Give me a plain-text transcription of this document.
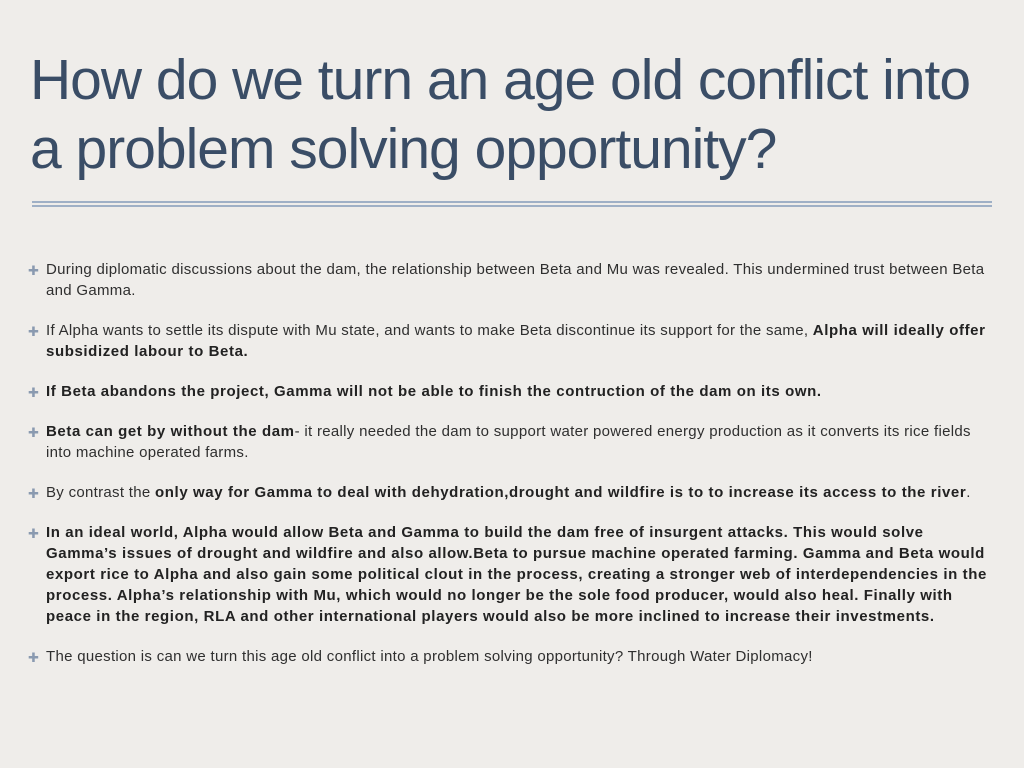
How do we turn an age old conflict into a problem solving opportunity?
✚ During diplomatic discussions about the dam, the relationship between Beta and Mu was revealed. This undermined trust between Beta and Gamma.
✚ If Alpha wants to settle its dispute with Mu state, and wants to make Beta discontinue its support for the same, Alpha will ideally offer subsidized labour to Beta.
✚ If Beta abandons the project, Gamma will not be able to finish the contruction of the dam on its own.
✚ Beta can get by without the dam- it really needed the dam to support water powered energy production as it converts its rice fields into machine operated farms.
✚ By contrast the only way for Gamma to deal with dehydration,drought and wildfire is to to increase its access to the river.
✚ In an ideal world, Alpha would allow Beta and Gamma to build the dam free of insurgent attacks. This would solve Gamma’s issues of drought and wildfire and also allow.Beta to pursue machine operated farming. Gamma and Beta would export rice to Alpha and also gain some political clout in the process, creating a stronger web of interdependencies in the process. Alpha’s relationship with Mu, which would no longer be the sole food producer, would also heal. Finally with peace in the region, RLA and other international players would also be more inclined to increase their investments.
✚ The question is can we turn this age old conflict into a problem solving opportunity? Through Water Diplomacy!
